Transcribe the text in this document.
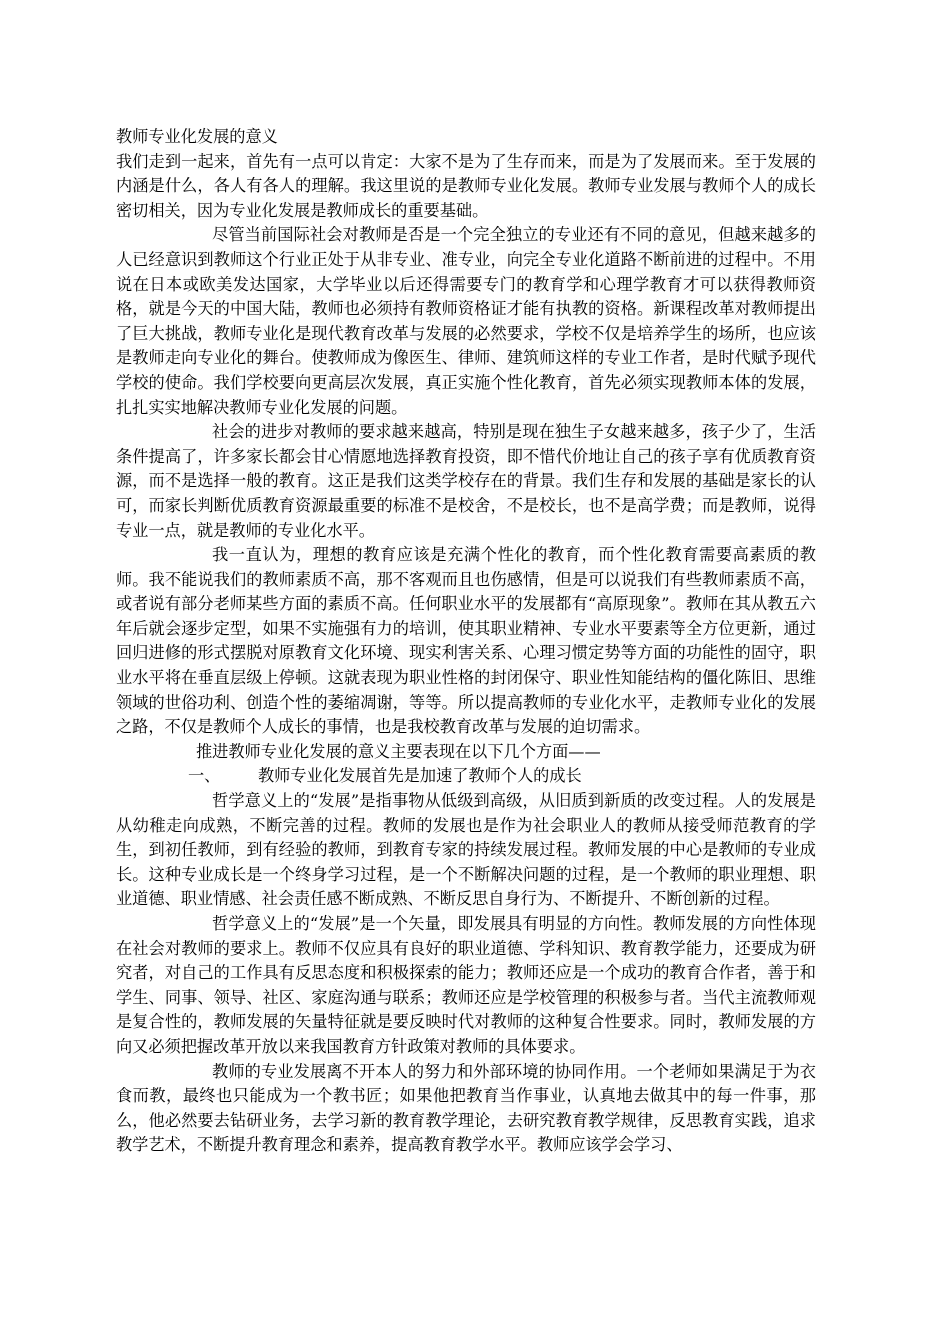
教师专业化发展的意义

我们走到一起来，首先有一点可以肯定：大家不是为了生存而来，而是为了发展而来。至于发展的内涵是什么，各人有各人的理解。我这里说的是教师专业化发展。教师专业发展与教师个人的成长密切相关，因为专业化发展是教师成长的重要基础。

尽管当前国际社会对教师是否是一个完全独立的专业还有不同的意见，但越来越多的人已经意识到教师这个行业正处于从非专业、准专业，向完全专业化道路不断前进的过程中。不用说在日本或欧美发达国家，大学毕业以后还得需要专门的教育学和心理学教育才可以获得教师资格，就是今天的中国大陆，教师也必须持有教师资格证才能有执教的资格。新课程改革对教师提出了巨大挑战，教师专业化是现代教育改革与发展的必然要求，学校不仅是培养学生的场所，也应该是教师走向专业化的舞台。使教师成为像医生、律师、建筑师这样的专业工作者，是时代赋予现代学校的使命。我们学校要向更高层次发展，真正实施个性化教育，首先必须实现教师本体的发展，扎扎实实地解决教师专业化发展的问题。

社会的进步对教师的要求越来越高，特别是现在独生子女越来越多，孩子少了，生活条件提高了，许多家长都会甘心情愿地选择教育投资，即不惜代价地让自己的孩子享有优质教育资源，而不是选择一般的教育。这正是我们这类学校存在的背景。我们生存和发展的基础是家长的认可，而家长判断优质教育资源最重要的标准不是校舍，不是校长，也不是高学费；而是教师，说得专业一点，就是教师的专业化水平。

我一直认为，理想的教育应该是充满个性化的教育，而个性化教育需要高素质的教师。我不能说我们的教师素质不高，那不客观而且也伤感情，但是可以说我们有些教师素质不高，或者说有部分老师某些方面的素质不高。任何职业水平的发展都有“高原现象”。教师在其从教五六年后就会逐步定型，如果不实施强有力的培训，使其职业精神、专业水平要素等全方位更新，通过回归进修的形式摆脱对原教育文化环境、现实利害关系、心理习惯定势等方面的功能性的固守，职业水平将在垂直层级上停顿。这就表现为职业性格的封闭保守、职业性知能结构的僵化陈旧、思维领域的世俗功利、创造个性的萎缩凋谢，等等。所以提高教师的专业化水平，走教师专业化的发展之路，不仅是教师个人成长的事情，也是我校教育改革与发展的迫切需求。

推进教师专业化发展的意义主要表现在以下几个方面——

一、 教师专业化发展首先是加速了教师个人的成长

哲学意义上的“发展”是指事物从低级到高级，从旧质到新质的改变过程。人的发展是从幼稚走向成熟，不断完善的过程。教师的发展也是作为社会职业人的教师从接受师范教育的学生，到初任教师，到有经验的教师，到教育专家的持续发展过程。教师发展的中心是教师的专业成长。这种专业成长是一个终身学习过程，是一个不断解决问题的过程，是一个教师的职业理想、职业道德、职业情感、社会责任感不断成熟、不断反思自身行为、不断提升、不断创新的过程。

哲学意义上的“发展”是一个矢量，即发展具有明显的方向性。教师发展的方向性体现在社会对教师的要求上。教师不仅应具有良好的职业道德、学科知识、教育教学能力，还要成为研究者，对自己的工作具有反思态度和积极探索的能力；教师还应是一个成功的教育合作者，善于和学生、同事、领导、社区、家庭沟通与联系；教师还应是学校管理的积极参与者。当代主流教师观是复合性的，教师发展的矢量特征就是要反映时代对教师的这种复合性要求。同时，教师发展的方向又必须把握改革开放以来我国教育方针政策对教师的具体要求。

教师的专业发展离不开本人的努力和外部环境的协同作用。一个老师如果满足于为衣食而教，最终也只能成为一个教书匠；如果他把教育当作事业，认真地去做其中的每一件事，那么，他必然要去钻研业务，去学习新的教育教学理论，去研究教育教学规律，反思教育实践，追求教学艺术，不断提升教育理念和素养，提高教育教学水平。教师应该学会学习、
